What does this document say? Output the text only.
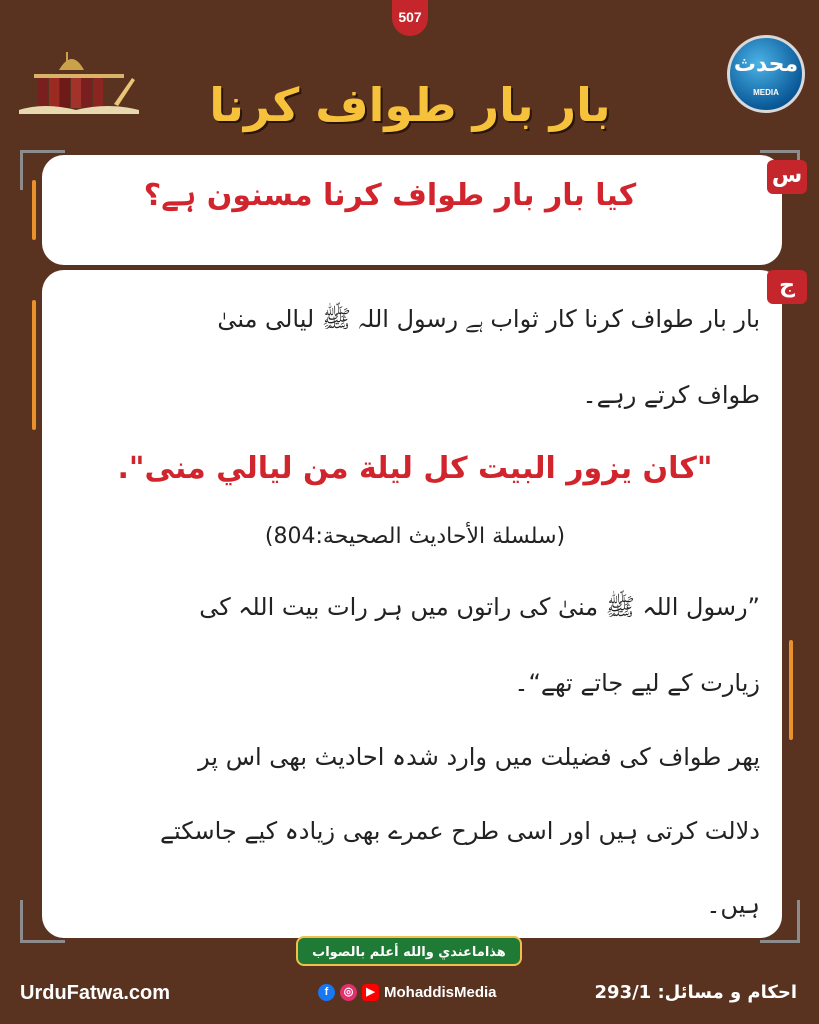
507
محدث
MEDIA
بار بار طواف کرنا
س
کیا بار بار طواف کرنا مسنون ہے؟
ج
بار بار طواف کرنا کار ثواب ہے رسول اللہ ﷺ لیالی منیٰ
طواف کرتے رہے۔
"كان يزور البيت كل ليلة من ليالي منى".
(سلسلة الأحاديث الصحيحة:804)
”رسول اللہ ﷺ منیٰ کی راتوں میں ہر رات بیت اللہ کی
زیارت کے لیے جاتے تھے“۔
پھر طواف کی فضیلت میں وارد شدہ احادیث بھی اس پر
دلالت کرتی ہیں اور اسی طرح عمرے بھی زیادہ کیے جاسکتے
ہیں۔
هذاماعندي والله أعلم بالصواب
UrduFatwa.com	f	◎	▶ MohaddisMedia	احکام و مسائل: 293/1
